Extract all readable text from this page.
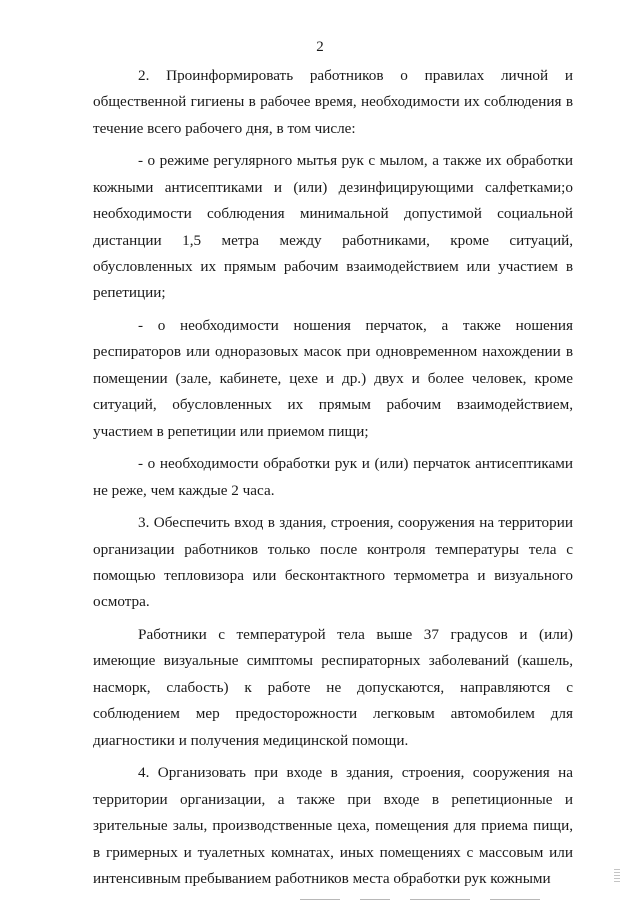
2

2. Проинформировать работников о правилах личной и общественной гигиены в рабочее время, необходимости их соблюдения в течение всего рабочего дня, в том числе:

- о режиме регулярного мытья рук с мылом, а также их обработки кожными антисептиками и (или) дезинфицирующими салфетками;о необходимости соблюдения минимальной допустимой социальной дистанции 1,5 метра между работниками, кроме ситуаций, обусловленных их прямым рабочим взаимодействием или участием в репетиции;

- о необходимости ношения перчаток, а также ношения респираторов или одноразовых масок при одновременном нахождении в помещении (зале, кабинете, цехе и др.) двух и более человек, кроме ситуаций, обусловленных их прямым рабочим взаимодействием, участием в репетиции или приемом пищи;

- о необходимости обработки рук и (или) перчаток антисептиками не реже, чем каждые 2 часа.

3. Обеспечить вход в здания, строения, сооружения на территории организации работников только после контроля температуры тела с помощью тепловизора или бесконтактного термометра и визуального осмотра.

Работники с температурой тела выше 37 градусов и (или) имеющие визуальные симптомы респираторных заболеваний (кашель, насморк, слабость) к работе не допускаются, направляются с соблюдением мер предосторожности легковым автомобилем для диагностики и получения медицинской помощи.

4. Организовать при входе в здания, строения, сооружения на территории организации, а также при входе в репетиционные и зрительные залы, производственные цеха, помещения для приема пищи, в гримерных и туалетных комнатах, иных помещениях с массовым или интенсивным пребыванием работников места обработки рук кожными
